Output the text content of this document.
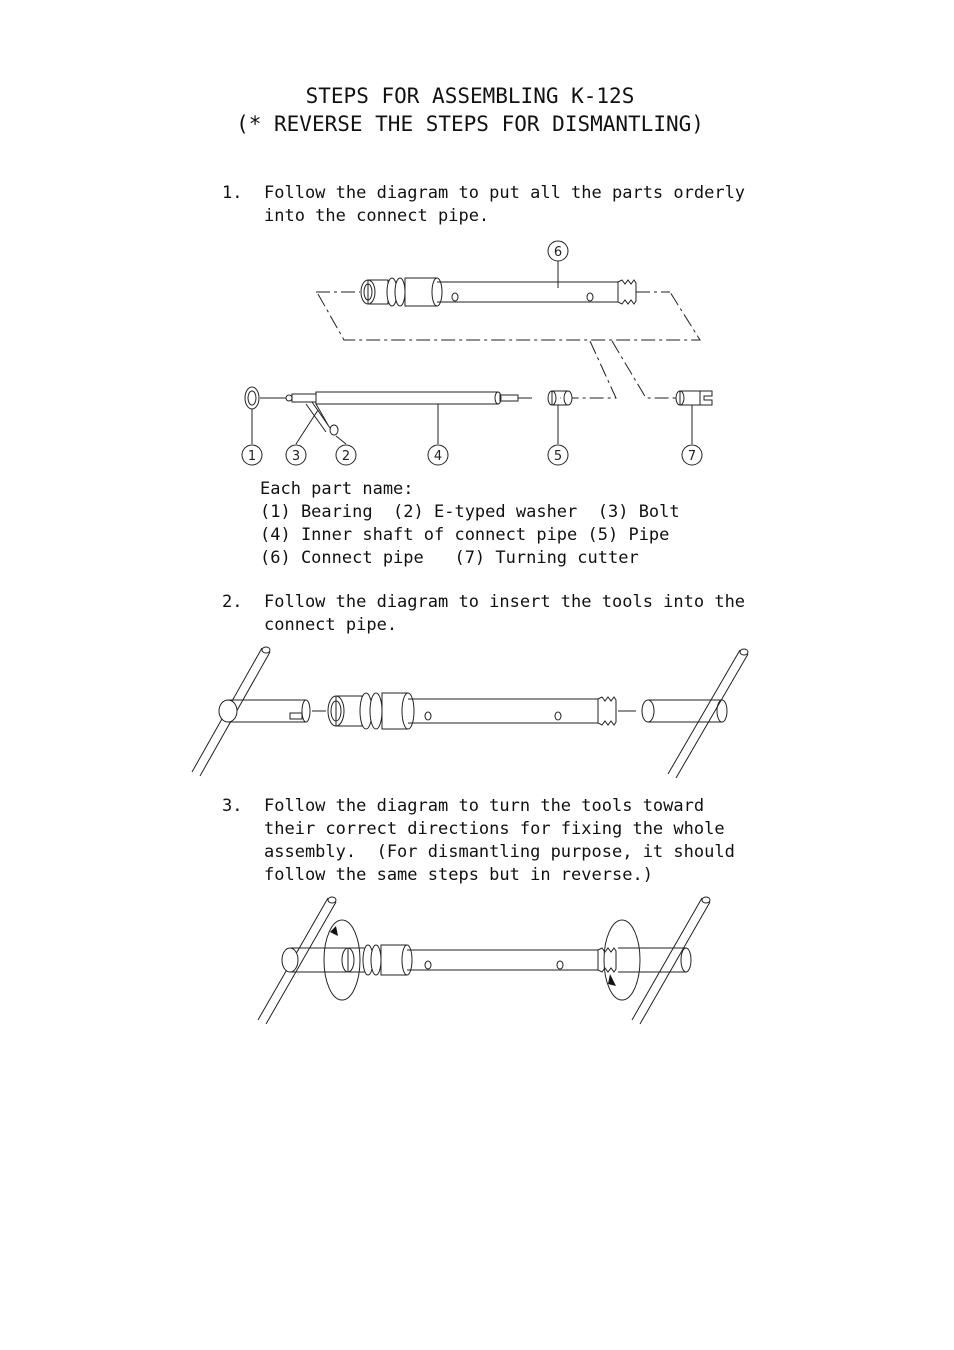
STEPS FOR ASSEMBLING K-12S
(* REVERSE THE STEPS FOR DISMANTLING)
1. Follow the diagram to put all the parts orderly
into the connect pipe.
6
1	3	2	4	5	7
Each part name:
(1) Bearing  (2) E-typed washer  (3) Bolt
(4) Inner shaft of connect pipe (5) Pipe
(6) Connect pipe   (7) Turning cutter
2. Follow the diagram to insert the tools into the
connect pipe.
3. Follow the diagram to turn the tools toward
their correct directions for fixing the whole
assembly.  (For dismantling purpose, it should
follow the same steps but in reverse.)
